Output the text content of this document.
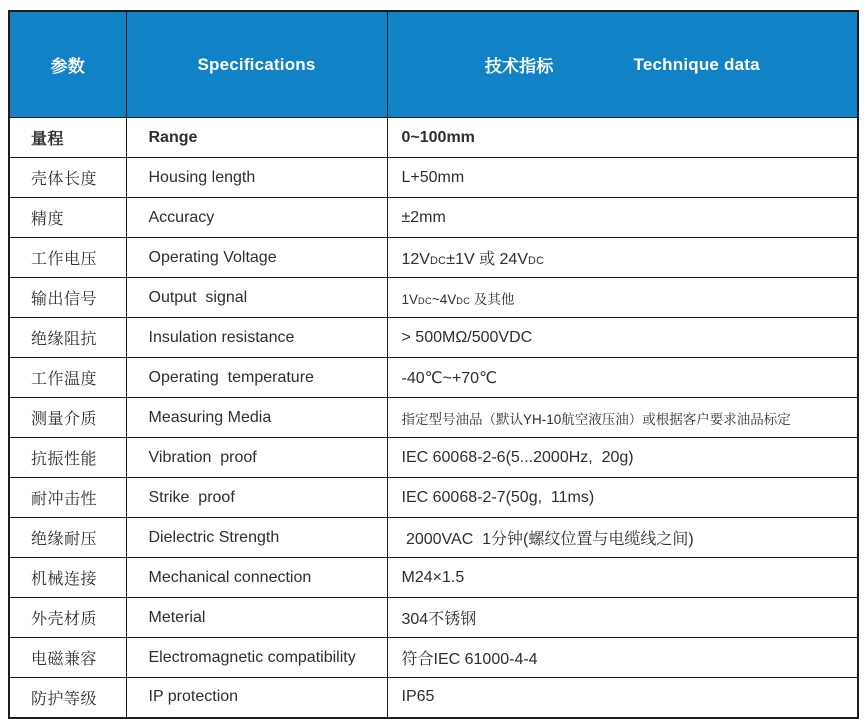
参数	Specifications	技术指标 Technique data

量程	Range	0~100mm
壳体长度	Housing length	L+50mm
精度	Accuracy	±2mm
工作电压	Operating Voltage	12VDC±1V 或 24VDC
输出信号	Output  signal	1VDC~4VDC 及其他
绝缘阻抗	Insulation resistance	> 500MΩ/500VDC
工作温度	Operating  temperature	-40℃~+70℃
测量介质	Measuring Media	指定型号油品（默认YH-10航空液压油）或根据客户要求油品标定
抗振性能	Vibration  proof	IEC 60068-2-6(5...2000Hz,  20g)
耐冲击性	Strike  proof	IEC 60068-2-7(50g,  11ms)
绝缘耐压	Dielectric Strength	2000VAC  1分钟(螺纹位置与电缆线之间)
机械连接	Mechanical connection	M24×1.5
外壳材质	Meterial	304不锈钢
电磁兼容	Electromagnetic compatibility	符合IEC 61000-4-4
防护等级	IP protection	IP65
